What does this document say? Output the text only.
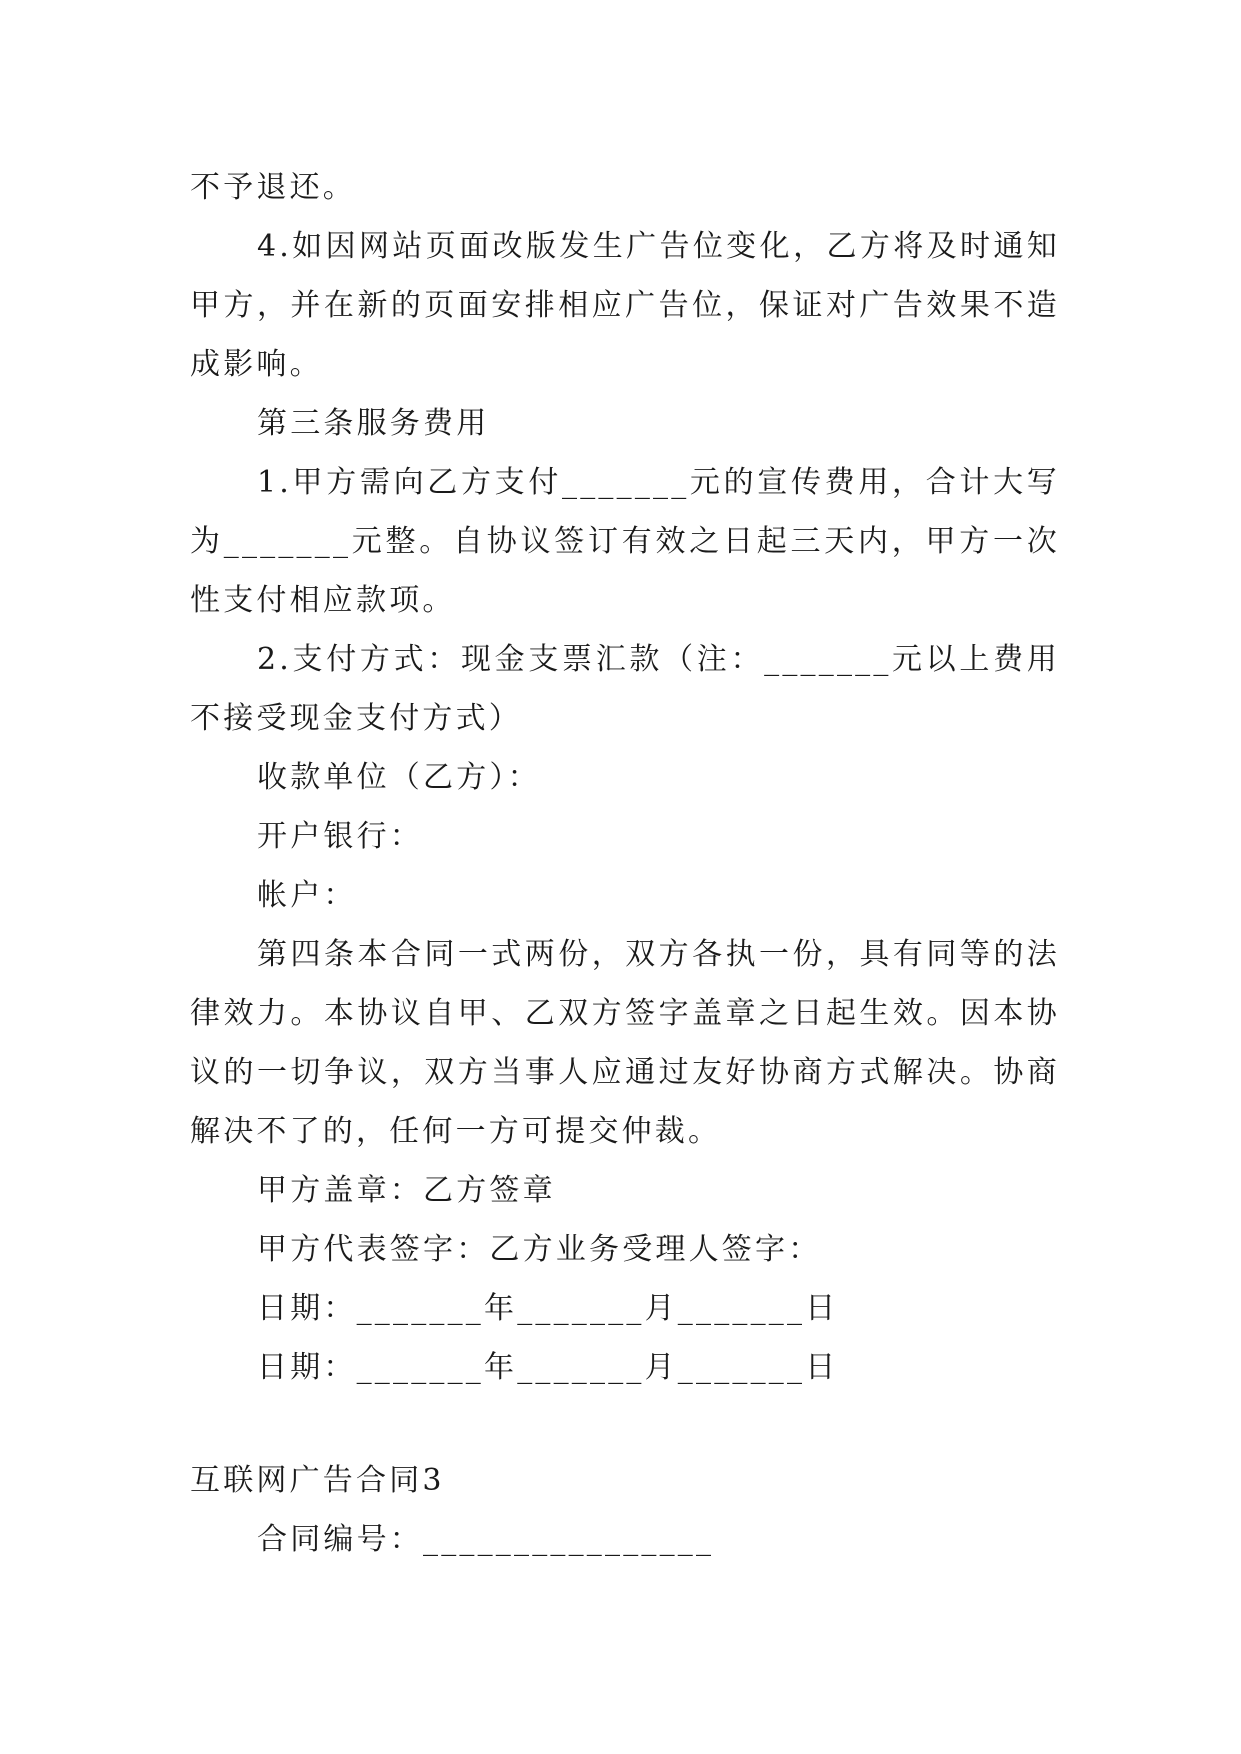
不予退还。

4.如因网站页面改版发生广告位变化，乙方将及时通知甲方，并在新的页面安排相应广告位，保证对广告效果不造成影响。

第三条服务费用

1.甲方需向乙方支付_______元的宣传费用，合计大写为_______元整。自协议签订有效之日起三天内，甲方一次性支付相应款项。

2.支付方式：现金支票汇款（注：_______元以上费用不接受现金支付方式）

收款单位（乙方）：

开户银行：

帐户：

第四条本合同一式两份，双方各执一份，具有同等的法律效力。本协议自甲、乙双方签字盖章之日起生效。因本协议的一切争议，双方当事人应通过友好协商方式解决。协商解决不了的，任何一方可提交仲裁。

甲方盖章：乙方签章

甲方代表签字：乙方业务受理人签字：

日期：_______年_______月_______日

日期：_______年_______月_______日

互联网广告合同3

合同编号：________________
